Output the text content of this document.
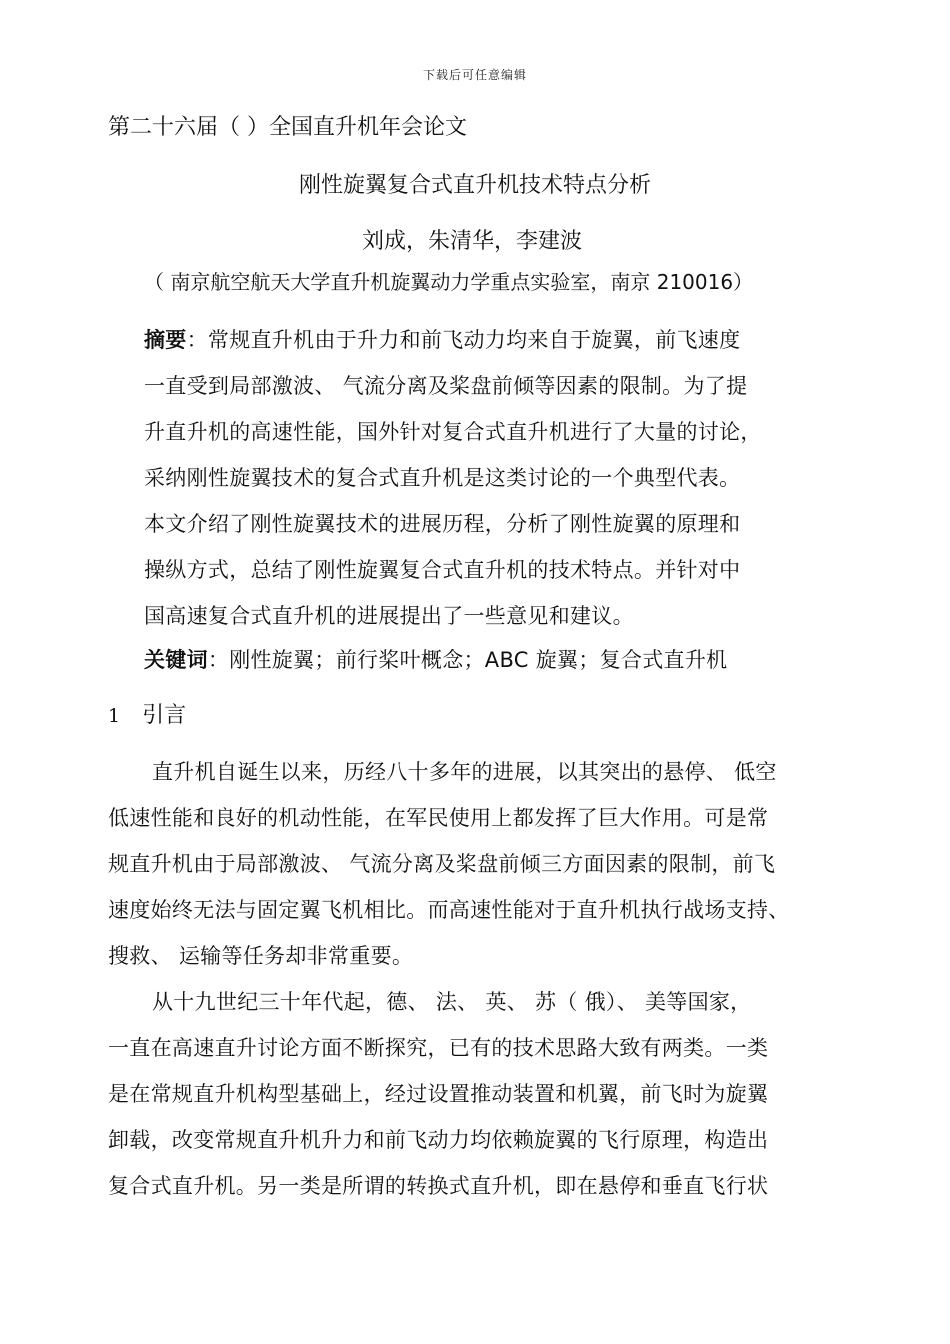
下载后可任意编辑
第二十六届（ ）全国直升机年会论文
刚性旋翼复合式直升机技术特点分析
刘成，朱清华，李建波
（ 南京航空航天大学直升机旋翼动力学重点实验室，南京 210016）
摘要：常规直升机由于升力和前飞动力均来自于旋翼，前飞速度
一直受到局部激波、 气流分离及桨盘前倾等因素的限制。为了提
升直升机的高速性能，国外针对复合式直升机进行了大量的讨论，
采纳刚性旋翼技术的复合式直升机是这类讨论的一个典型代表。
本文介绍了刚性旋翼技术的进展历程，分析了刚性旋翼的原理和
操纵方式，总结了刚性旋翼复合式直升机的技术特点。并针对中
国高速复合式直升机的进展提出了一些意见和建议。
关键词：刚性旋翼；前行桨叶概念；ABC 旋翼；复合式直升机
1 引言
直升机自诞生以来，历经八十多年的进展，以其突出的悬停、 低空
低速性能和良好的机动性能，在军民使用上都发挥了巨大作用。可是常
规直升机由于局部激波、 气流分离及桨盘前倾三方面因素的限制，前飞
速度始终无法与固定翼飞机相比。而高速性能对于直升机执行战场支持、
搜救、 运输等任务却非常重要。
从十九世纪三十年代起，德、 法、 英、 苏（ 俄）、 美等国家，
一直在高速直升讨论方面不断探究，已有的技术思路大致有两类。一类
是在常规直升机构型基础上，经过设置推动装置和机翼，前飞时为旋翼
卸载，改变常规直升机升力和前飞动力均依赖旋翼的飞行原理，构造出
复合式直升机。另一类是所谓的转换式直升机，即在悬停和垂直飞行状
